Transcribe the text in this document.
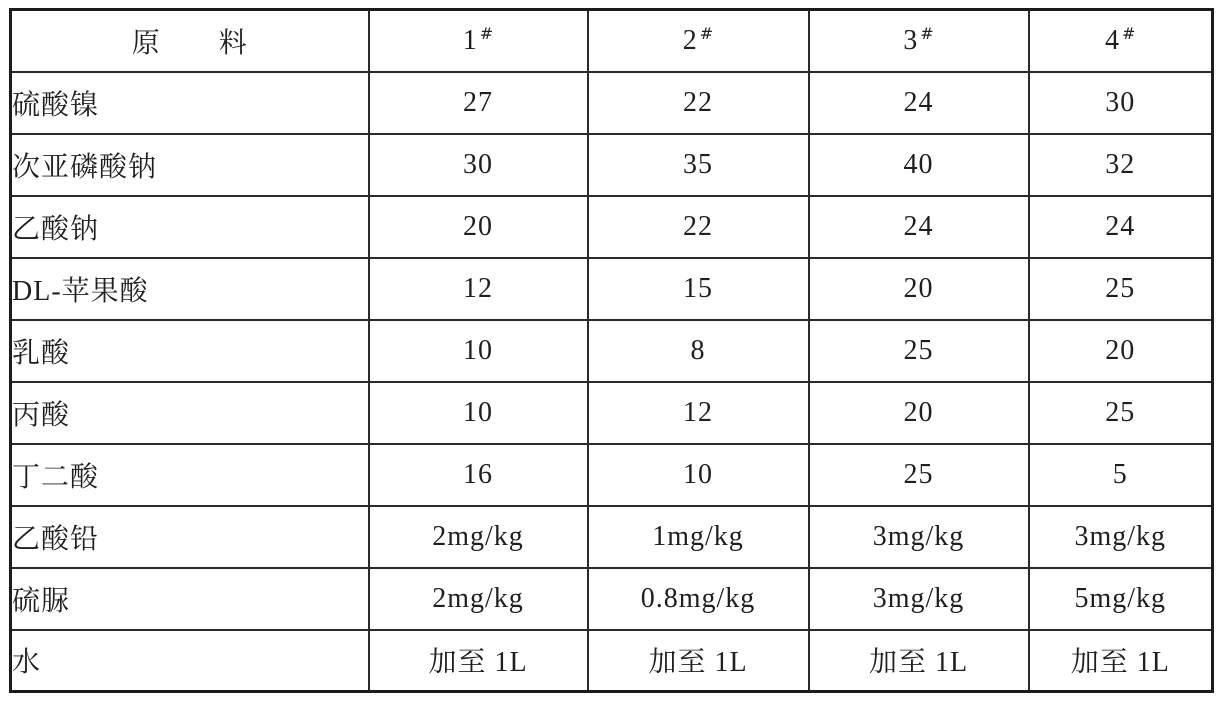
原　　料	1 #	2 #	3 #	4 #
硫酸镍	27	22	24	30
次亚磷酸钠	30	35	40	32
乙酸钠	20	22	24	24
DL-苹果酸	12	15	20	25
乳酸	10	8	25	20
丙酸	10	12	20	25
丁二酸	16	10	25	5
乙酸铅	2mg/kg	1mg/kg	3mg/kg	3mg/kg
硫脲	2mg/kg	0.8mg/kg	3mg/kg	5mg/kg
水	加至 1L	加至 1L	加至 1L	加至 1L
